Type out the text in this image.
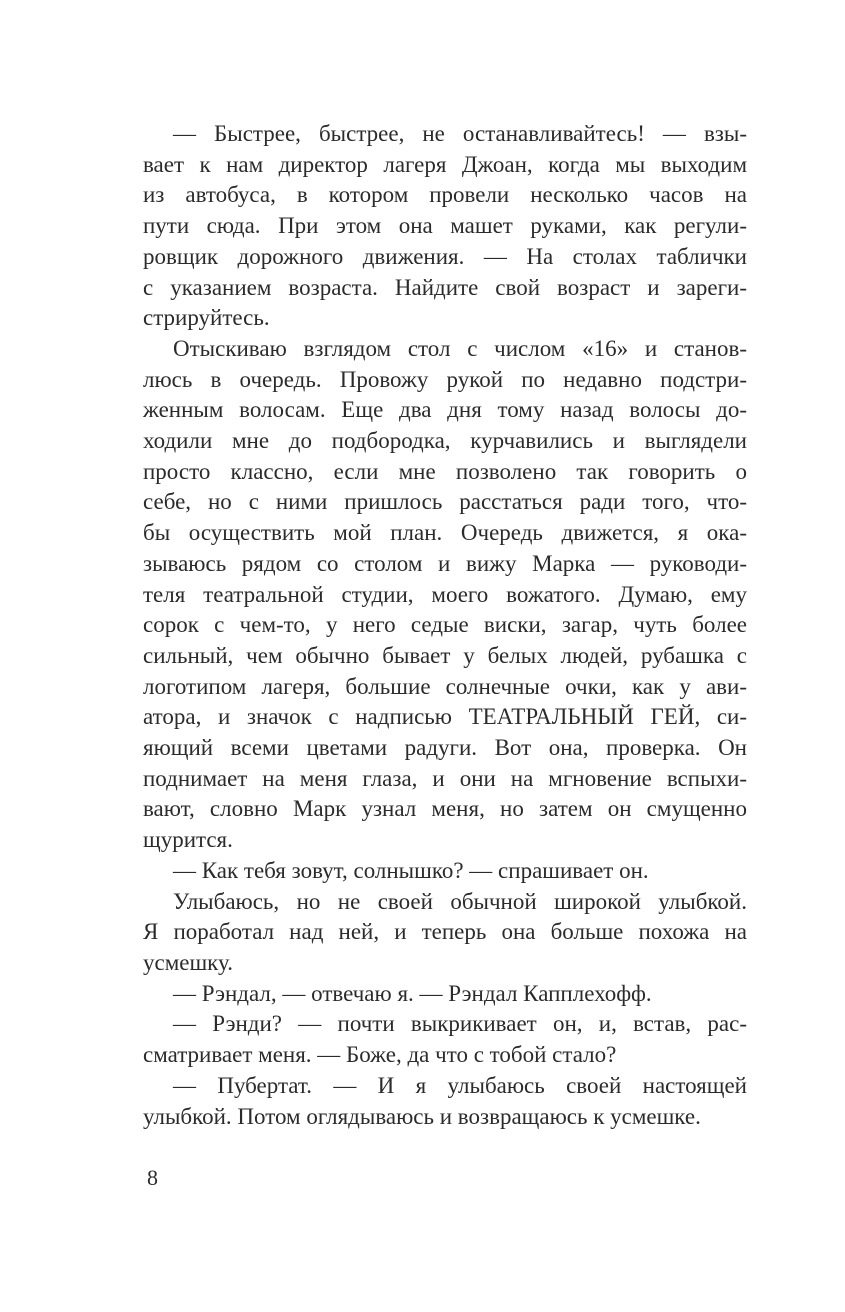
— Быстрее, быстрее, не останавливайтесь! — взы-
вает к нам директор лагеря Джоан, когда мы выходим
из автобуса, в котором провели несколько часов на
пути сюда. При этом она машет руками, как регули-
ровщик дорожного движения. — На столах таблички
с указанием возраста. Найдите свой возраст и зареги-
стрируйтесь.

Отыскиваю взглядом стол с числом «16» и станов-
люсь в очередь. Провожу рукой по недавно подстри-
женным волосам. Еще два дня тому назад волосы до-
ходили мне до подбородка, курчавились и выглядели
просто классно, если мне позволено так говорить о
себе, но с ними пришлось расстаться ради того, что-
бы осуществить мой план. Очередь движется, я ока-
зываюсь рядом со столом и вижу Марка — руководи-
теля театральной студии, моего вожатого. Думаю, ему
сорок с чем-то, у него седые виски, загар, чуть более
сильный, чем обычно бывает у белых людей, рубашка с
логотипом лагеря, большие солнечные очки, как у ави-
атора, и значок с надписью ТЕАТРАЛЬНЫЙ ГЕЙ, си-
яющий всеми цветами радуги. Вот она, проверка. Он
поднимает на меня глаза, и они на мгновение вспыхи-
вают, словно Марк узнал меня, но затем он смущенно
щурится.

— Как тебя зовут, солнышко? — спрашивает он.

Улыбаюсь, но не своей обычной широкой улыбкой.
Я поработал над ней, и теперь она больше похожа на
усмешку.

— Рэндал, — отвечаю я. — Рэндал Капплехофф.

— Рэнди? — почти выкрикивает он, и, встав, рас-
сматривает меня. — Боже, да что с тобой стало?

— Пубертат. — И я улыбаюсь своей настоящей
улыбкой. Потом оглядываюсь и возвращаюсь к усмешке.

8
